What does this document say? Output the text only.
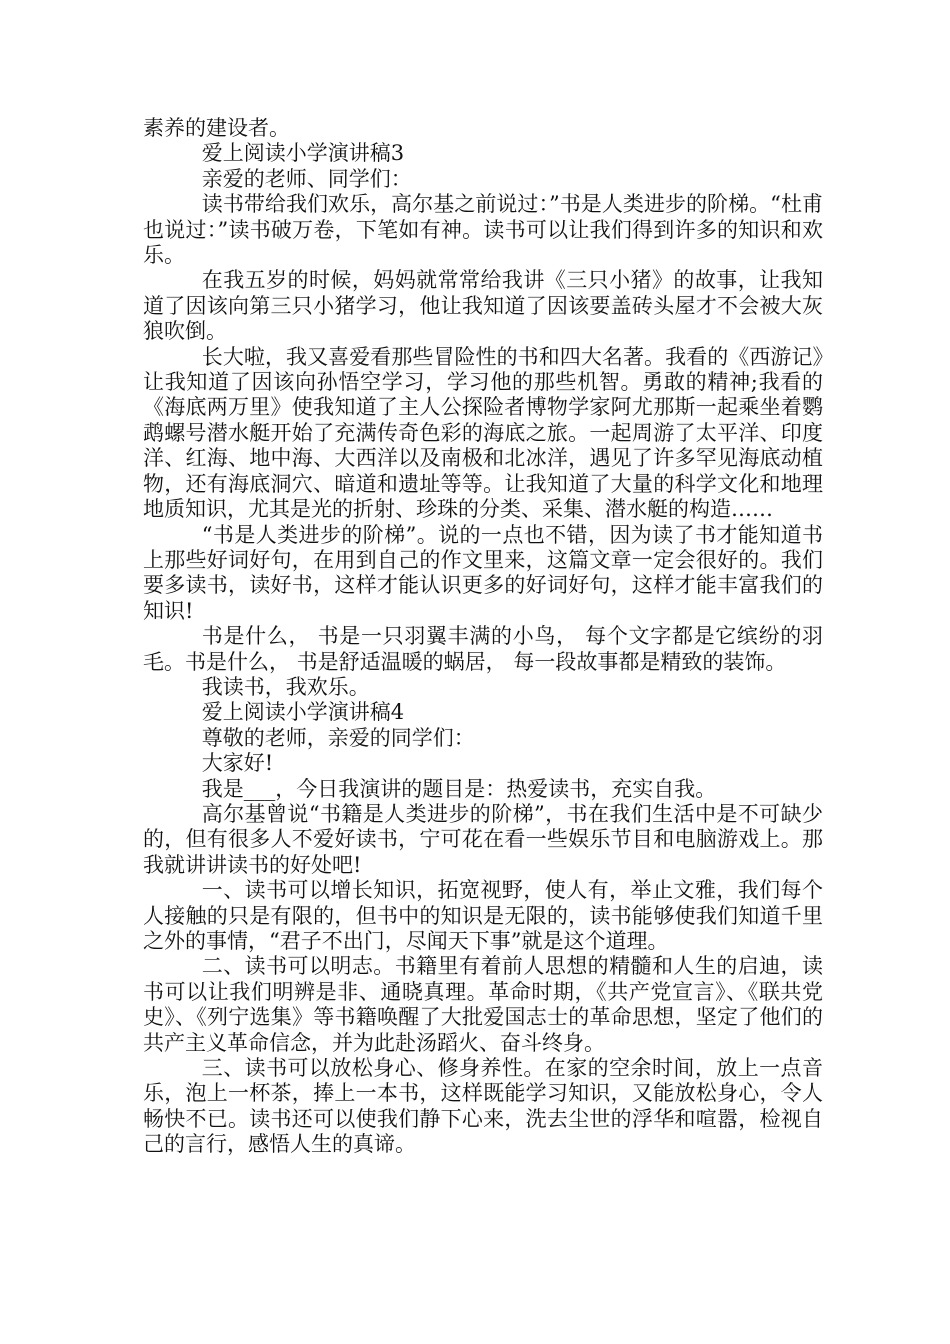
素养的建设者。

爱上阅读小学演讲稿3

亲爱的老师、同学们：

读书带给我们欢乐，高尔基之前说过：”书是人类进步的阶梯。“杜甫也说过：”读书破万卷，下笔如有神。读书可以让我们得到许多的知识和欢乐。

在我五岁的时候，妈妈就常常给我讲《三只小猪》的故事，让我知道了因该向第三只小猪学习，他让我知道了因该要盖砖头屋才不会被大灰狼吹倒。

长大啦，我又喜爱看那些冒险性的书和四大名著。我看的《西游记》让我知道了因该向孙悟空学习，学习他的那些机智。勇敢的精神;我看的《海底两万里》使我知道了主人公探险者博物学家阿尤那斯一起乘坐着鹦鹉螺号潜水艇开始了充满传奇色彩的海底之旅。一起周游了太平洋、印度洋、红海、地中海、大西洋以及南极和北冰洋，遇见了许多罕见海底动植物，还有海底洞穴、暗道和遗址等等。让我知道了大量的科学文化和地理地质知识，尤其是光的折射、珍珠的分类、采集、潜水艇的构造……

“书是人类进步的阶梯”。说的一点也不错，因为读了书才能知道书上那些好词好句，在用到自己的作文里来，这篇文章一定会很好的。我们要多读书，读好书，这样才能认识更多的好词好句，这样才能丰富我们的知识!

书是什么， 书是一只羽翼丰满的小鸟， 每个文字都是它缤纷的羽毛。书是什么， 书是舒适温暖的蜗居， 每一段故事都是精致的装饰。

我读书，我欢乐。

爱上阅读小学演讲稿4

尊敬的老师，亲爱的同学们：

大家好!

我是___，今日我演讲的题目是：热爱读书，充实自我。

高尔基曾说“书籍是人类进步的阶梯”，书在我们生活中是不可缺少的，但有很多人不爱好读书，宁可花在看一些娱乐节目和电脑游戏上。那我就讲讲读书的好处吧!

一、读书可以增长知识，拓宽视野，使人有，举止文雅，我们每个人接触的只是有限的，但书中的知识是无限的，读书能够使我们知道千里之外的事情，“君子不出门，尽闻天下事”就是这个道理。

二、读书可以明志。书籍里有着前人思想的精髓和人生的启迪，读书可以让我们明辨是非、通晓真理。革命时期，《共产党宣言》、《联共党史》、《列宁选集》等书籍唤醒了大批爱国志士的革命思想，坚定了他们的共产主义革命信念，并为此赴汤蹈火、奋斗终身。

三、读书可以放松身心、修身养性。在家的空余时间，放上一点音乐，泡上一杯茶，捧上一本书，这样既能学习知识，又能放松身心，令人畅快不已。读书还可以使我们静下心来，洗去尘世的浮华和喧嚣，检视自己的言行，感悟人生的真谛。
